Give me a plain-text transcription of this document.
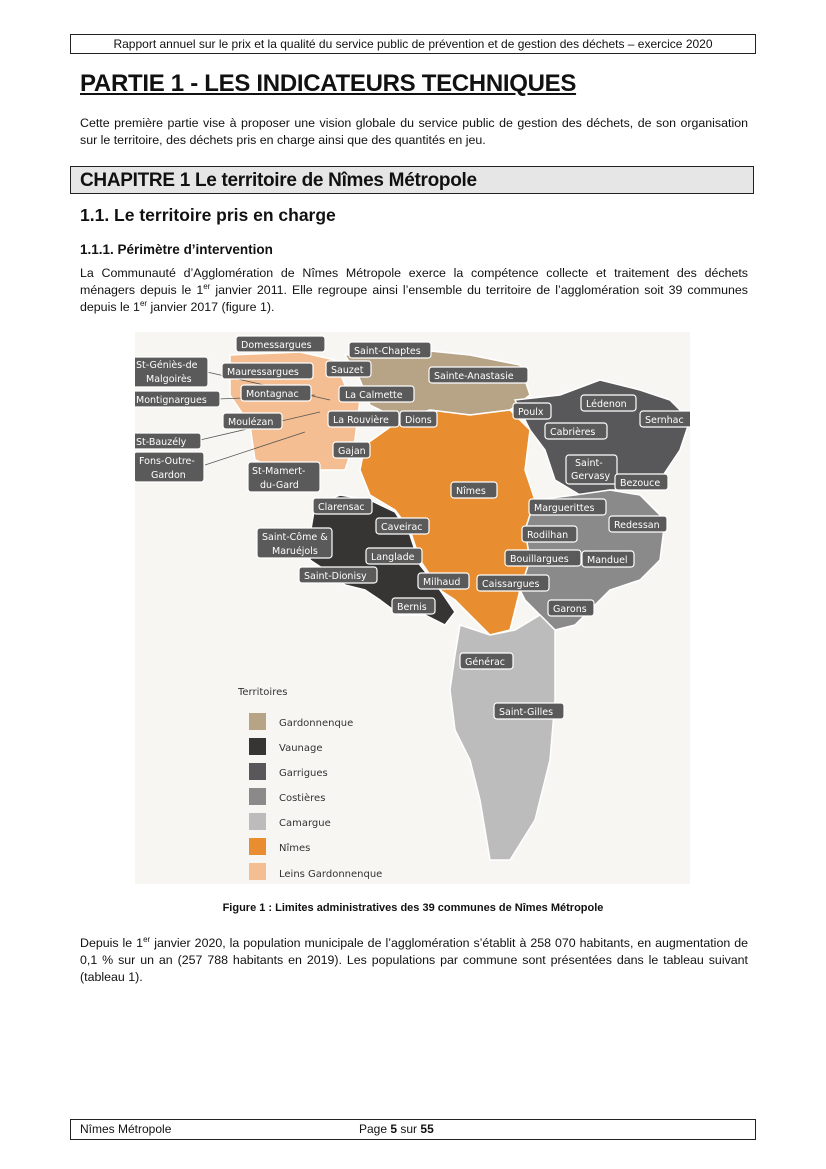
Rapport annuel sur le prix et la qualité du service public de prévention et de gestion des déchets – exercice 2020
PARTIE 1 - LES INDICATEURS TECHNIQUES
Cette première partie vise à proposer une vision globale du service public de gestion des déchets, de son organisation sur le territoire, des déchets pris en charge ainsi que des quantités en jeu.
CHAPITRE 1 Le territoire de Nîmes Métropole
1.1. Le territoire pris en charge
1.1.1. Périmètre d’intervention
La Communauté d’Agglomération de Nîmes Métropole exerce la compétence collecte et traitement des déchets ménagers depuis le 1er janvier 2011. Elle regroupe ainsi l’ensemble du territoire de l’agglomération soit 39 communes depuis le 1er janvier 2017 (figure 1).
Domessargues
Saint-Chaptes
Sauzet
St-Géniès-de
Malgoirès
Mauressargues	Sainte-Anastasie
La Calmette
Montagnac
Montignargues
Poulx
Lédenon
Sernhac
Moulézan	La Rouvière Dions
Cabrières
St-Bauzély
Gajan
Saint-
Gervasy
Fons-Outre-
Gardon	St-Mamert-
du-Gard	Bezouce
Nîmes
Marguerittes
Clarensac
Redessan
Caveirac
Rodilhan
Saint-Côme &
Maruéjols
Langlade	Bouillargues Manduel
Saint-Dionisy
Milhaud Caissargues
Bernis	Garons
Générac
Saint-Gilles
Territoires
Gardonnenque
Vaunage
Garrigues
Costières
Camargue
Nîmes
Leins Gardonnenque
Figure 1 : Limites administratives des 39 communes de Nîmes Métropole
Depuis le 1er janvier 2020, la population municipale de l’agglomération s’établit à 258 070 habitants, en augmentation de 0,1 % sur un an (257 788 habitants en 2019). Les populations par commune sont présentées dans le tableau suivant (tableau 1).
Nîmes Métropole	Page 5 sur 55
